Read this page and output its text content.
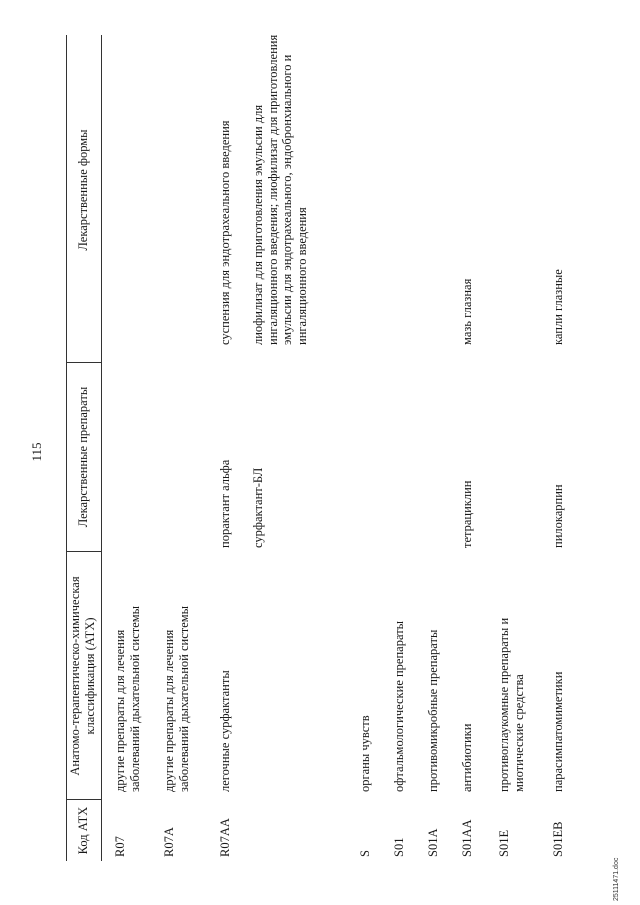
115
Код АТХ
Анатомо-терапевтическо-химическая классификация (АТХ)
Лекарственные препараты
Лекарственные формы
R07
другие препараты для лечения заболеваний дыхательной системы
R07A
другие препараты для лечения заболеваний дыхательной системы
R07AA
легочные сурфактанты
порактант альфа
суспензия для эндотрахеального введения
сурфактант-БЛ
лиофилизат для приготовления эмульсии для ингаляционного введения; лиофилизат для приготовления эмульсии для эндотрахеального, эндобронхиального и ингаляционного введения
S
органы чувств
S01
офтальмологические препараты
S01A
противомикробные препараты
S01AA
антибиотики
тетрациклин
мазь глазная
S01E
противоглаукомные препараты и миотические средства
S01EB
парасимпатомиметики
пилокарпин
капли глазные
25111471.doc
